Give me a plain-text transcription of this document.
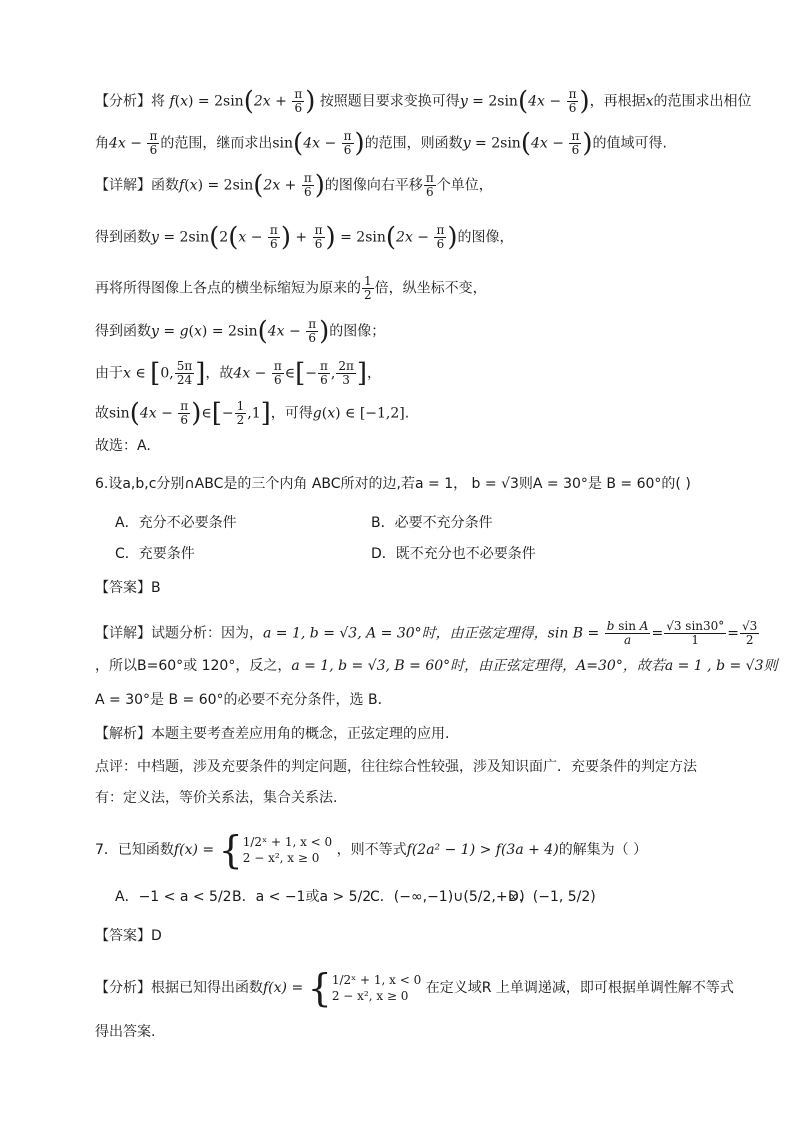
【分析】将 $f(x) = 2\sin(2x + \frac{\pi}{6}$ ) 按照题目要求变换可得$y = 2\sin(4x - \frac{\pi}{6}$ )，再根据x的范围求出相位
角$4x - \frac{\pi}{6}$ 的范围，继而求出$\sin(4x - \frac{\pi}{6}$ )的范围，则函数$y = 2\sin(4x - \frac{\pi}{6}$ )的值域可得.
【详解】函数$f(x) = 2\sin(2x + \frac{\pi}{6}$ )的图像向右平移 $\frac{\pi}{6}$ 个单位，
得到函数$y = 2\sin(2(x - \frac{\pi}{6}$ ) + $\frac{\pi}{6}$ ) = $2\sin(2x - \frac{\pi}{6}$ )的图像，
再将所得图像上各点的横坐标缩短为原来的 $\frac{1}{2}$ 倍，纵坐标不变，
得到函数$y = g(x) = 2\sin(4x - \frac{\pi}{6}$ )的图像；
由于x ∈ [0, $\frac{5\pi}{24}$ ]，故$4x - \frac{\pi}{6}$ ∈[− $\frac{\pi}{6}$ , $\frac{2\pi}{3}$ ]，
故$\sin(4x - \frac{\pi}{6}$ )∈[− $\frac{1}{2} ,1$]，可得g(x) ∈ [−1,2].
故选：A.
6.设a,b,c分别∩ABC是的三个内角 ABC所对的边,若a = 1， b = √3则A = 30°是 B = 60°的( )
A．充分不必要条件	B．必要不充分条件
C．充要条件	D．既不充分也不必要条件
【答案】B
【详解】试题分析：因为，a = 1, b = √3, A = 30°时，由正弦定理得，$\sin B = \frac{\text{b sin A}}{a} = \frac{√3 \sin 30^\circ}{1} = \frac{√3}{2}$
，所以B=60°或 120°，反之，a = 1, b = √3, B = 60°时，由正弦定理得，A=30°，故若a = 1 , b = √3则
A = 30°是 B = 60°的必要不充分条件，选 B．
【解析】本题主要考查差应用角的概念，正弦定理的应用.
点评：中档题，涉及充要条件的判定问题，往往综合性较强，涉及知识面广．充要条件的判定方法
有：定义法，等价关系法，集合关系法.
7．已知函数f(x) = { 1/2ˣ + 1, x < 0
2 − x², x ≥ 0	，则不等式f(2a² − 1) > f(3a + 4)的解集为（ ）
A．−1 < a < 5/2 B．a < −1或a > 5/2
C．(−∞,−1)∪(5/2,+∞)
D．(−1, 5/2)
【答案】D
【分析】根据已知得出函数f(x) = { 1/2ˣ + 1, x < 0
2 − x², x ≥ 0	在定义域R 上单调递减，即可根据单调性解不等式
得出答案.
